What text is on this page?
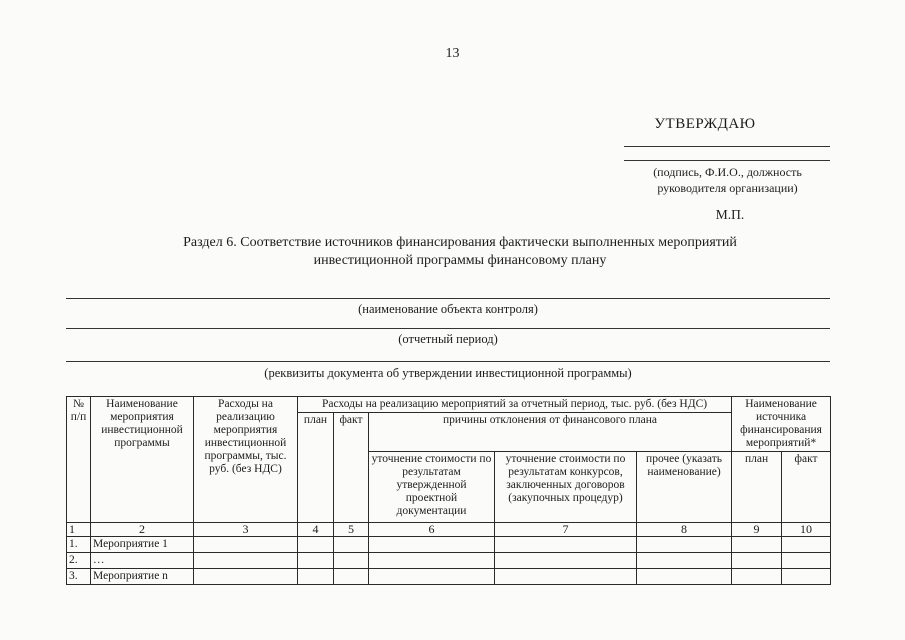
13
УТВЕРЖДАЮ
(подпись, Ф.И.О., должность
руководителя организации)
М.П.
Раздел 6. Соответствие источников финансирования фактически выполненных мероприятий
инвестиционной программы финансовому плану
(наименование объекта контроля)
(отчетный период)
(реквизиты документа об утверждении инвестиционной программы)
№ п/п	Наименование мероприятия инвестиционной программы	Расходы на реализацию мероприятия инвестиционной программы, тыс. руб. (без НДС)	Расходы на реализацию мероприятий за отчетный период, тыс. руб. (без НДС)					Наименование источника финансирования мероприятий*	
			план	факт	причины отклонения от финансового плана				
					уточнение стоимости по результатам утвержденной проектной документации	уточнение стоимости по результатам конкурсов, заключенных договоров (закупочных процедур)	прочее (указать наименование)	план	факт
1	2	3	4	5	6	7	8	9	10
1.	Мероприятие 1								
2.	…								
3.	Мероприятие n								
